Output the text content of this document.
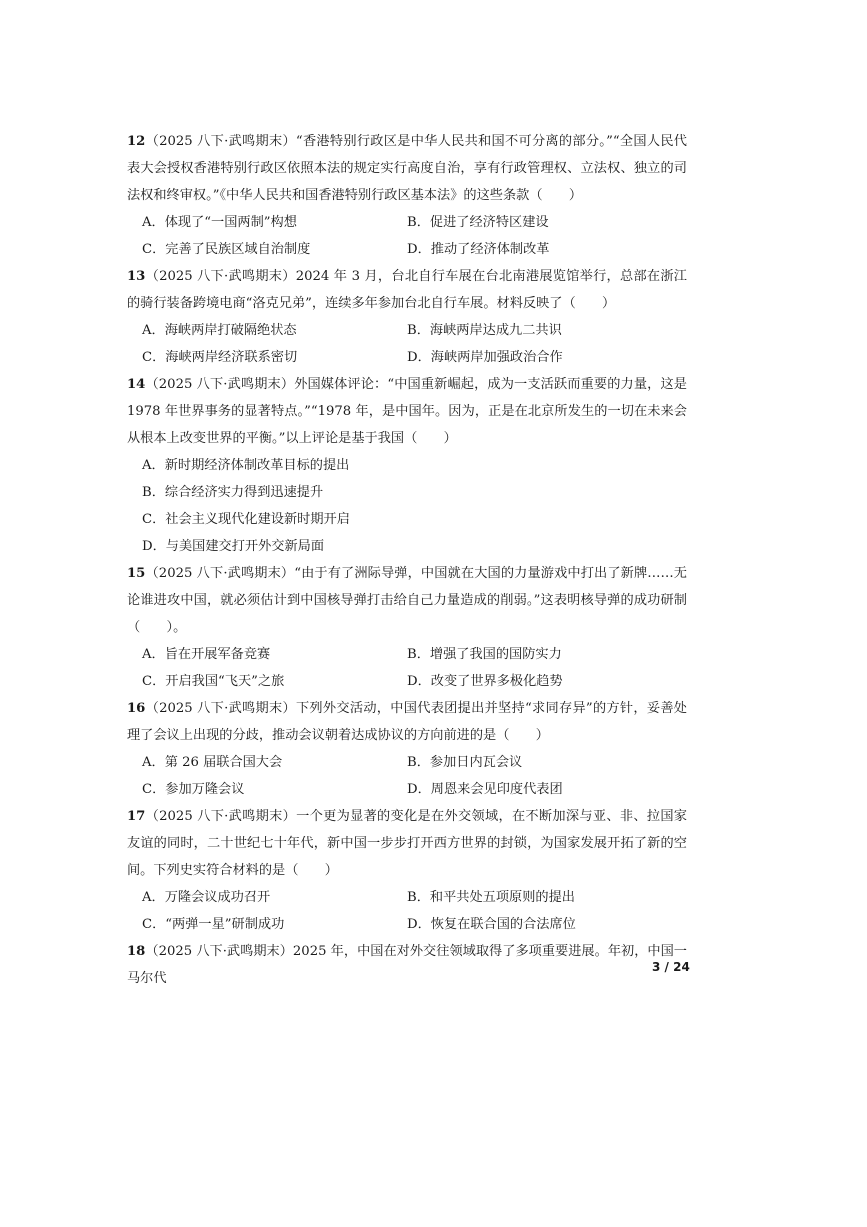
12（2025 八下·武鸣期末）“香港特别行政区是中华人民共和国不可分离的部分。”“全国人民代表大会授权香港特别行政区依照本法的规定实行高度自治，享有行政管理权、立法权、独立的司法权和终审权。”《中华人民共和国香港特别行政区基本法》的这些条款（　　）

A．体现了“一国两制”构想	B．促进了经济特区建设
C．完善了民族区域自治制度	D．推动了经济体制改革

13（2025 八下·武鸣期末）2024 年 3 月，台北自行车展在台北南港展览馆举行，总部在浙江的骑行装备跨境电商“洛克兄弟”，连续多年参加台北自行车展。材料反映了（　　）

A．海峡两岸打破隔绝状态	B．海峡两岸达成九二共识
C．海峡两岸经济联系密切	D．海峡两岸加强政治合作

14（2025 八下·武鸣期末）外国媒体评论：“中国重新崛起，成为一支活跃而重要的力量，这是 1978 年世界事务的显著特点。”“1978 年，是中国年。因为，正是在北京所发生的一切在未来会从根本上改变世界的平衡。”以上评论是基于我国（　　）

A．新时期经济体制改革目标的提出
B．综合经济实力得到迅速提升
C．社会主义现代化建设新时期开启
D．与美国建交打开外交新局面

15（2025 八下·武鸣期末）“由于有了洲际导弹，中国就在大国的力量游戏中打出了新牌……无论谁进攻中国，就必须估计到中国核导弹打击给自己力量造成的削弱。”这表明核导弹的成功研制（　　）。

A．旨在开展军备竞赛	B．增强了我国的国防实力
C．开启我国“飞天”之旅	D．改变了世界多极化趋势

16（2025 八下·武鸣期末）下列外交活动，中国代表团提出并坚持“求同存异”的方针，妥善处理了会议上出现的分歧，推动会议朝着达成协议的方向前进的是（　　）

A．第 26 届联合国大会	B．参加日内瓦会议
C．参加万隆会议	D．周恩来会见印度代表团

17（2025 八下·武鸣期末）一个更为显著的变化是在外交领域，在不断加深与亚、非、拉国家友谊的同时，二十世纪七十年代，新中国一步步打开西方世界的封锁，为国家发展开拓了新的空间。下列史实符合材料的是（　　）

A．万隆会议成功召开	B．和平共处五项原则的提出
C．“两弹一星”研制成功	D．恢复在联合国的合法席位

18（2025 八下·武鸣期末）2025 年，中国在对外交往领域取得了多项重要进展。年初，中国一马尔代

3 / 24
